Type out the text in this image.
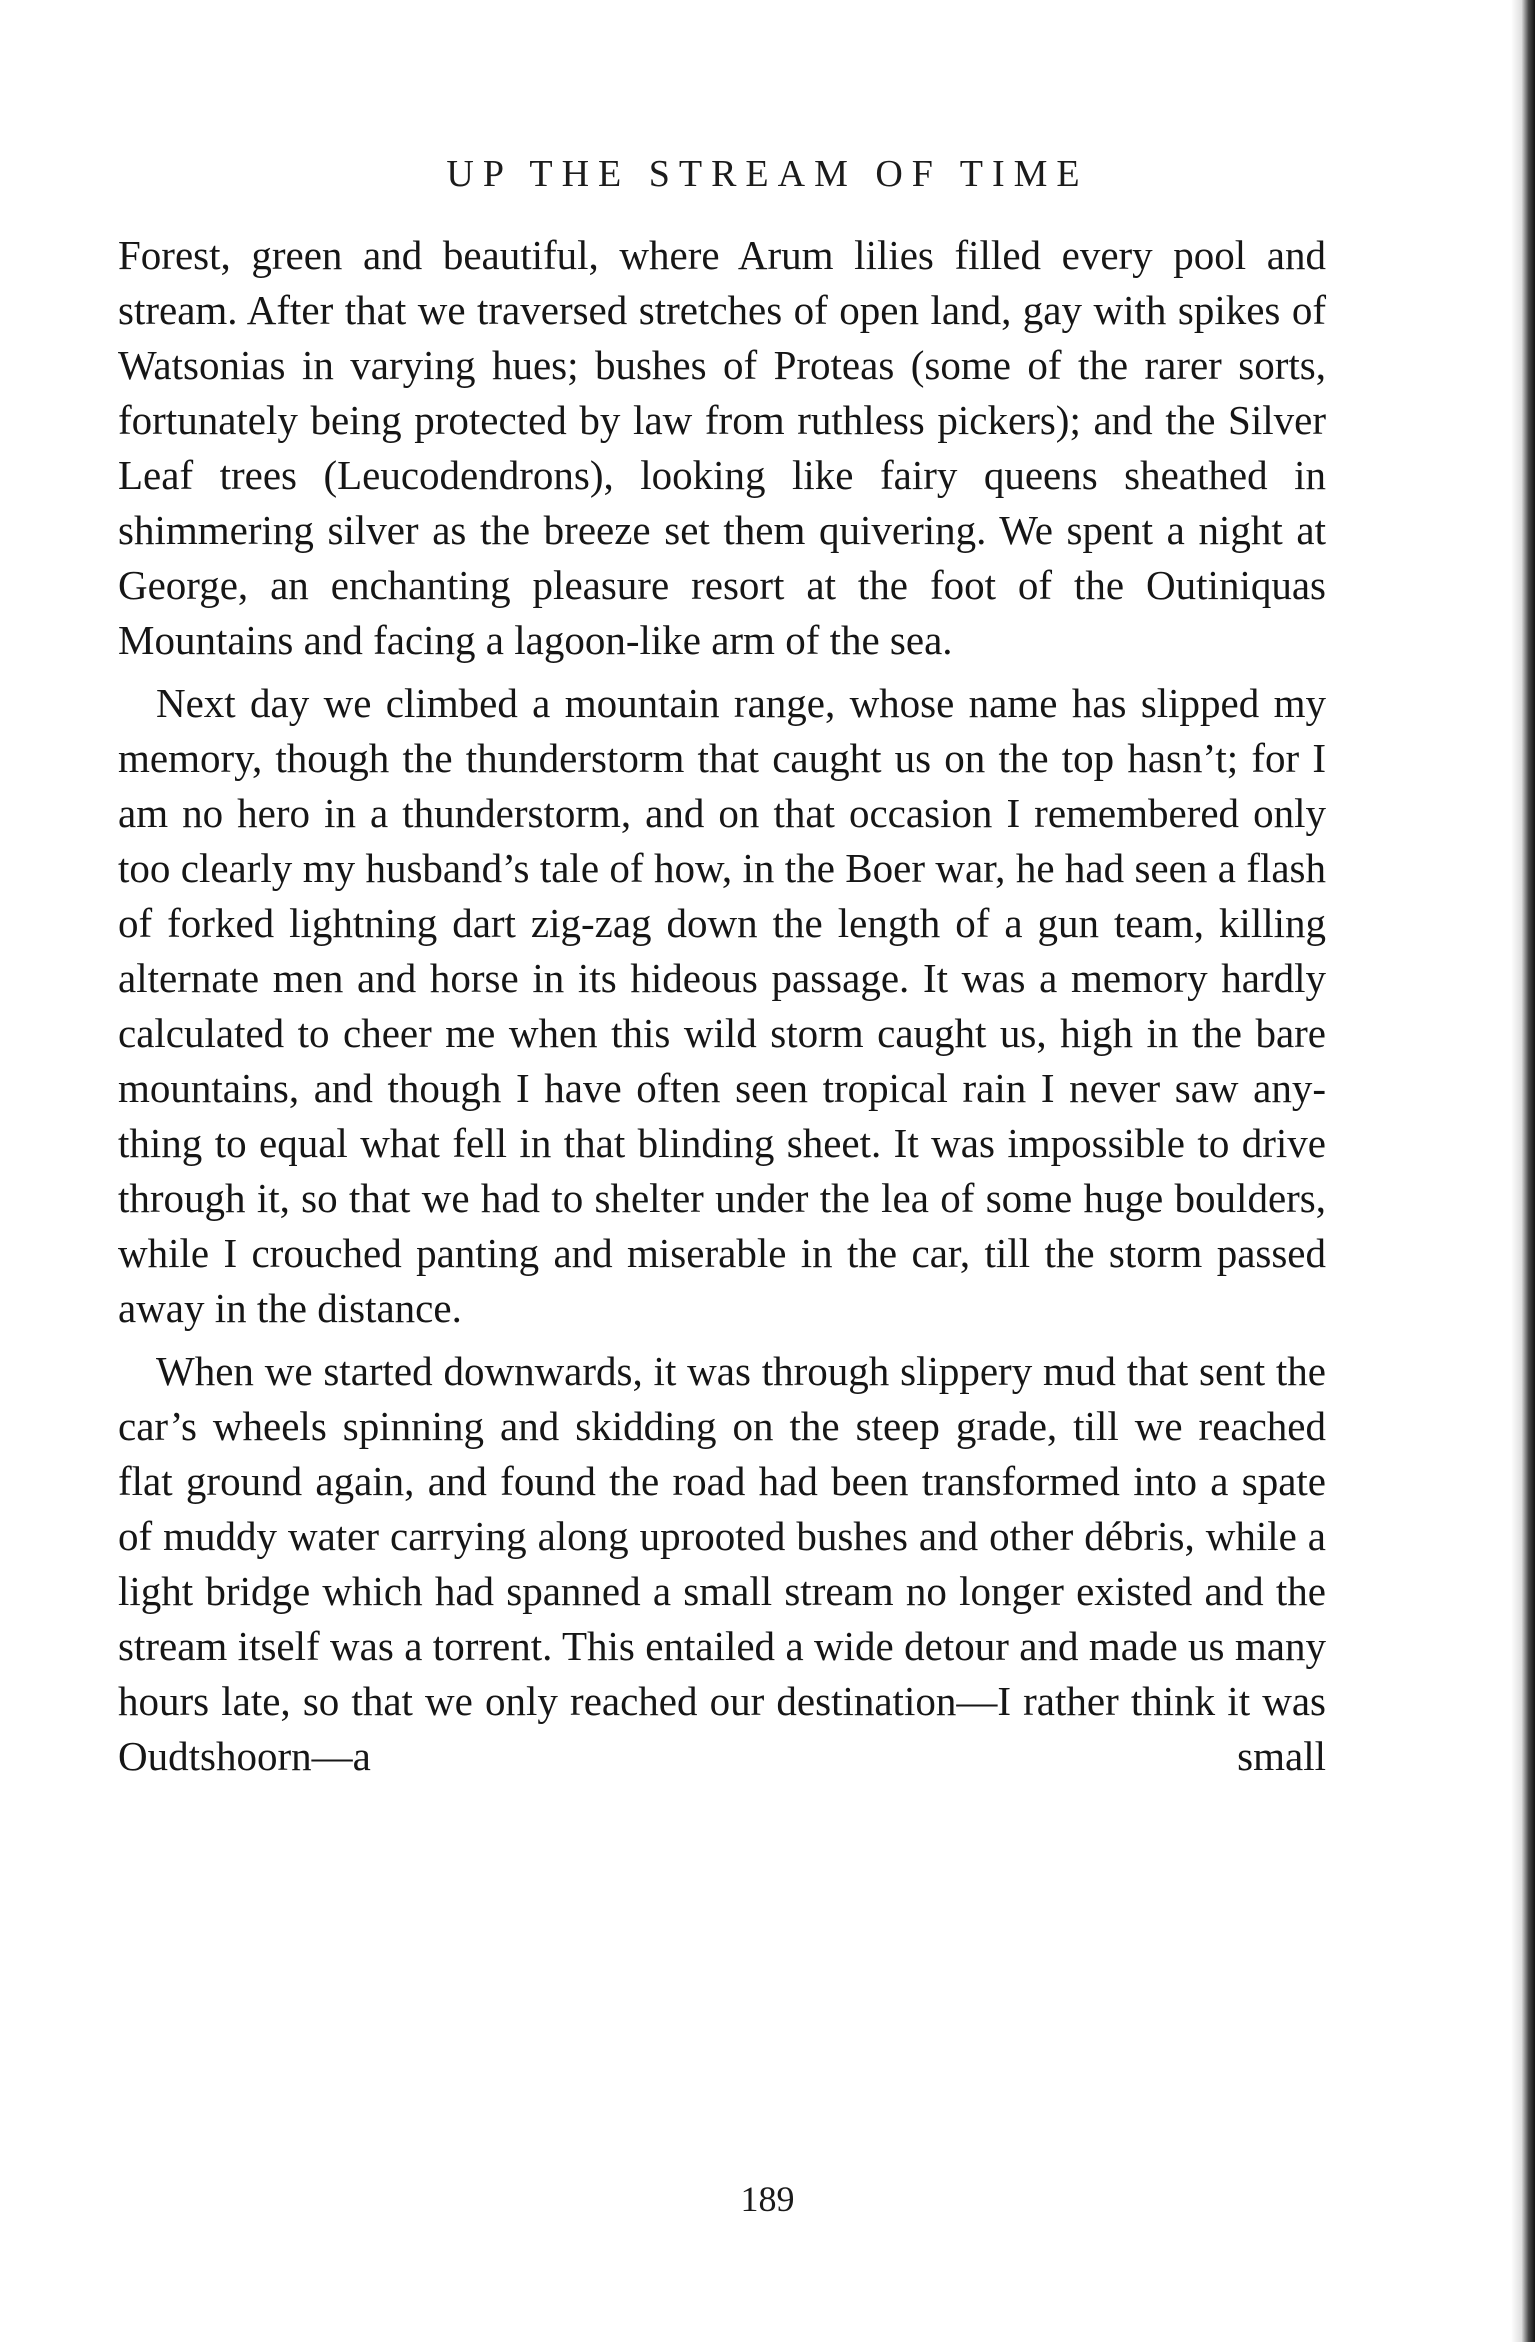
UP THE STREAM OF TIME

Forest, green and beautiful, where Arum lilies filled every pool and stream. After that we traversed stretches of open land, gay with spikes of Watsonias in varying hues; bushes of Proteas (some of the rarer sorts, fortunately being protected by law from ruthless pickers); and the Silver Leaf trees (Leucodendrons), looking like fairy queens sheathed in shimmering silver as the breeze set them quivering. We spent a night at George, an enchanting pleasure resort at the foot of the Outiniquas Mountains and facing a lagoon-like arm of the sea.

Next day we climbed a mountain range, whose name has slipped my memory, though the thunderstorm that caught us on the top hasn’t; for I am no hero in a thunderstorm, and on that occasion I remembered only too clearly my husband’s tale of how, in the Boer war, he had seen a flash of forked lightning dart zig-zag down the length of a gun team, killing alternate men and horse in its hideous passage. It was a memory hardly calculated to cheer me when this wild storm caught us, high in the bare mountains, and though I have often seen tropical rain I never saw anything to equal what fell in that blinding sheet. It was impossible to drive through it, so that we had to shelter under the lea of some huge boulders, while I crouched panting and miserable in the car, till the storm passed away in the distance.

When we started downwards, it was through slippery mud that sent the car’s wheels spinning and skidding on the steep grade, till we reached flat ground again, and found the road had been transformed into a spate of muddy water carrying along uprooted bushes and other débris, while a light bridge which had spanned a small stream no longer existed and the stream itself was a torrent. This entailed a wide detour and made us many hours late, so that we only reached our destination—I rather think it was Oudtshoorn—a small

189
